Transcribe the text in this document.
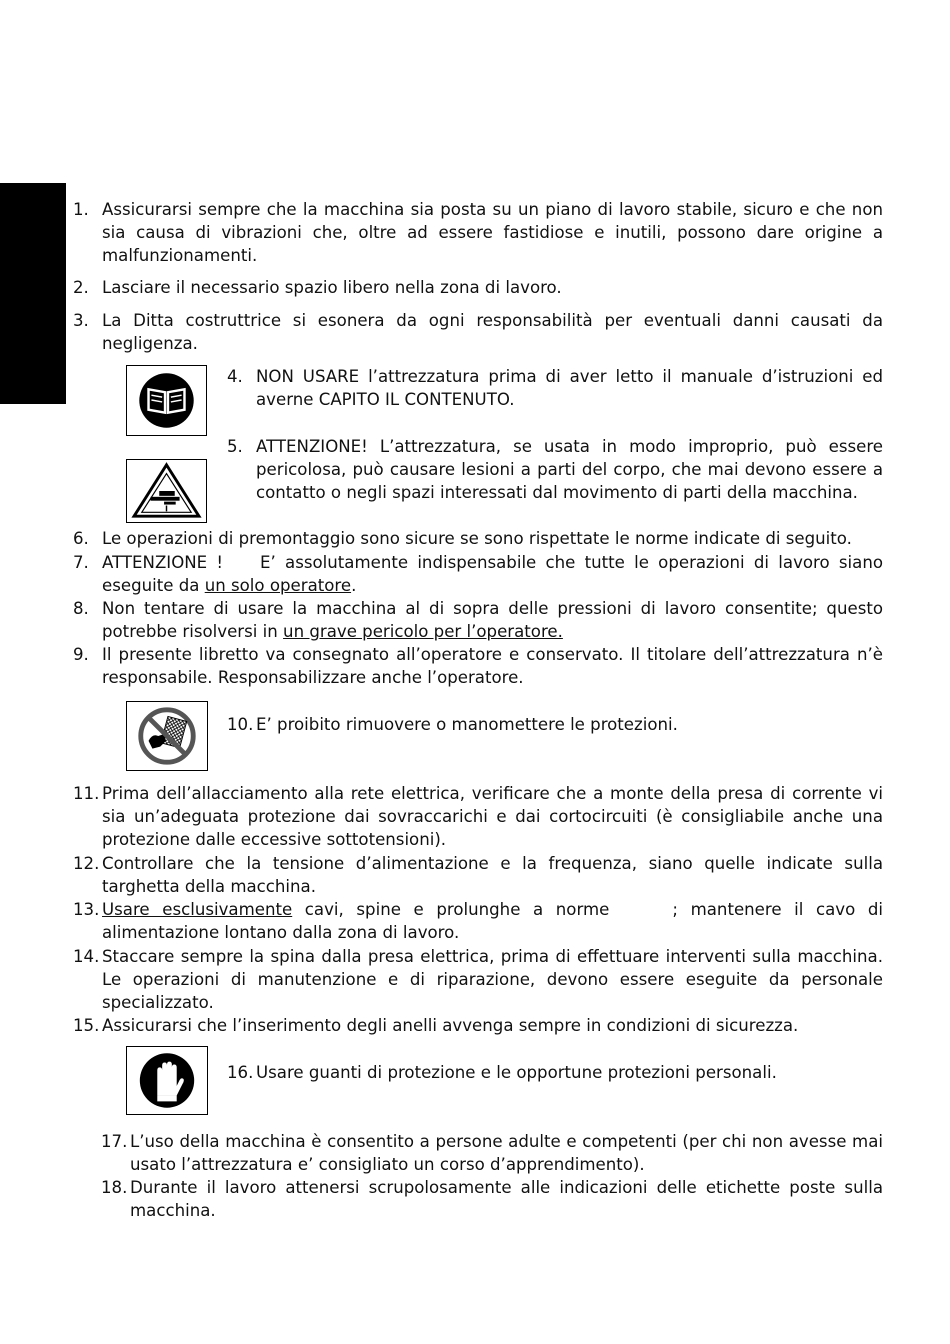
1. Assicurarsi sempre che la macchina sia posta su un piano di lavoro stabile, sicuro e che non sia causa di vibrazioni che, oltre ad essere fastidiose e inutili, possono dare origine a malfunzionamenti.
2. Lasciare il necessario spazio libero nella zona di lavoro.
3. La Ditta costruttrice si esonera da ogni responsabilità per eventuali danni causati da negligenza.
4. NON USARE l’attrezzatura prima di aver letto il manuale d’istruzioni ed averne CAPITO IL CONTENUTO.
5. ATTENZIONE! L’attrezzatura, se usata in modo improprio, può essere pericolosa, può causare lesioni a parti del corpo, che mai devono essere a contatto o negli spazi interessati dal movimento di parti della macchina.
6. Le operazioni di premontaggio sono sicure se sono rispettate le norme indicate di seguito.
7. ATTENZIONE !    E’ assolutamente indispensabile che tutte le operazioni di lavoro siano eseguite da un solo operatore.
8. Non tentare di usare la macchina al di sopra delle pressioni di lavoro consentite; questo potrebbe risolversi in un grave pericolo per l’operatore.
9. Il presente libretto va consegnato all’operatore e conservato. Il titolare dell’attrezzatura n’è responsabile. Responsabilizzare anche l’operatore.
10. E’ proibito rimuovere o manomettere le protezioni.
11. Prima dell’allacciamento alla rete elettrica, verificare che a monte della presa di corrente vi sia un’adeguata protezione dai sovraccarichi e dai cortocircuiti (è consigliabile anche una protezione dalle eccessive sottotensioni).
12. Controllare che la tensione d’alimentazione e la frequenza, siano quelle indicate sulla targhetta della macchina.
13. Usare esclusivamente cavi, spine e prolunghe a norme     ; mantenere il cavo di alimentazione lontano dalla zona di lavoro.
14. Staccare sempre la spina dalla presa elettrica, prima di effettuare interventi sulla macchina. Le operazioni di manutenzione e di riparazione, devono essere eseguite da personale specializzato.
15. Assicurarsi che l’inserimento degli anelli avvenga sempre in condizioni di sicurezza.
16. Usare guanti di protezione e le opportune protezioni personali.
17. L’uso della macchina è consentito a persone adulte e competenti (per chi non avesse mai usato l’attrezzatura e’ consigliato un corso d’apprendimento).
18. Durante il lavoro attenersi scrupolosamente alle indicazioni delle etichette poste sulla macchina.
